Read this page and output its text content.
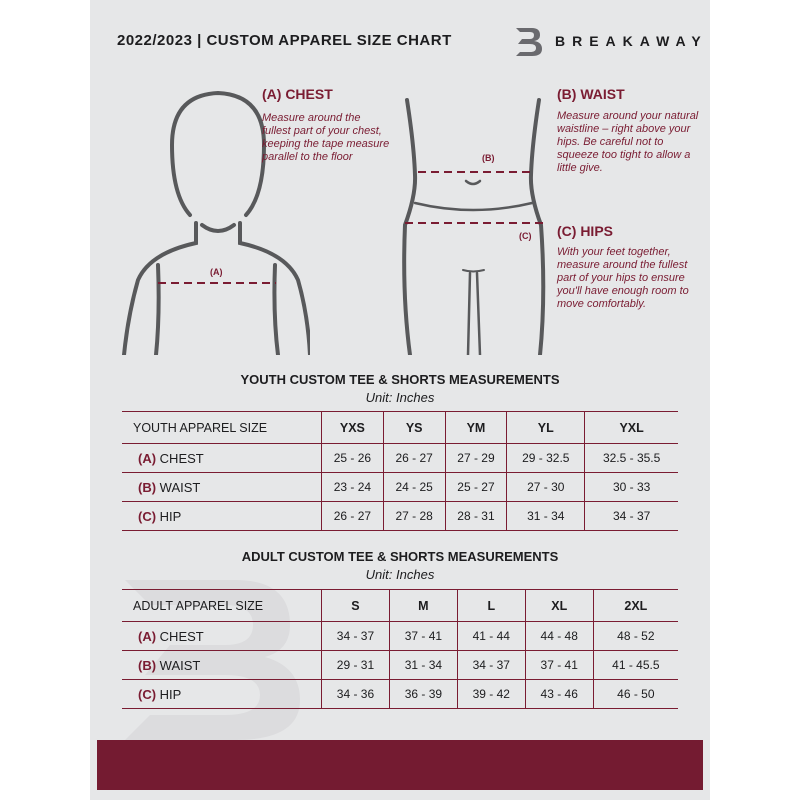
2022/2023 | CUSTOM APPAREL SIZE CHART	BREAKAWAY
(A)
(A) CHEST
Measure around the fullest part of your chest, keeping the tape measure parallel to the floor	(B)
(C)
(B) WAIST
Measure around your natural waistline – right above your hips. Be careful not to squeeze too tight to allow a little give.
(C) HIPS
With your feet together, measure around the fullest part of your hips to ensure you'll have enough room to move comfortably.
YOUTH CUSTOM TEE & SHORTS MEASUREMENTS
Unit: Inches
YOUTH APPAREL SIZE	YXS	YS	YM	YL	YXL
(A) CHEST	25 - 26	26 - 27	27 - 29	29 - 32.5	32.5 - 35.5
(B) WAIST	23 - 24	24 - 25	25 - 27	27 - 30	30 - 33
(C) HIP	26 - 27	27 - 28	28 - 31	31 - 34	34 - 37
ADULT CUSTOM TEE & SHORTS MEASUREMENTS
Unit: Inches
ADULT APPAREL SIZE	S	M	L	XL	2XL
(A) CHEST	34 - 37	37 - 41	41 - 44	44 - 48	48 - 52
(B) WAIST	29 - 31	31 - 34	34 - 37	37 - 41	41 - 45.5
(C) HIP	34 - 36	36 - 39	39 - 42	43 - 46	46 - 50
